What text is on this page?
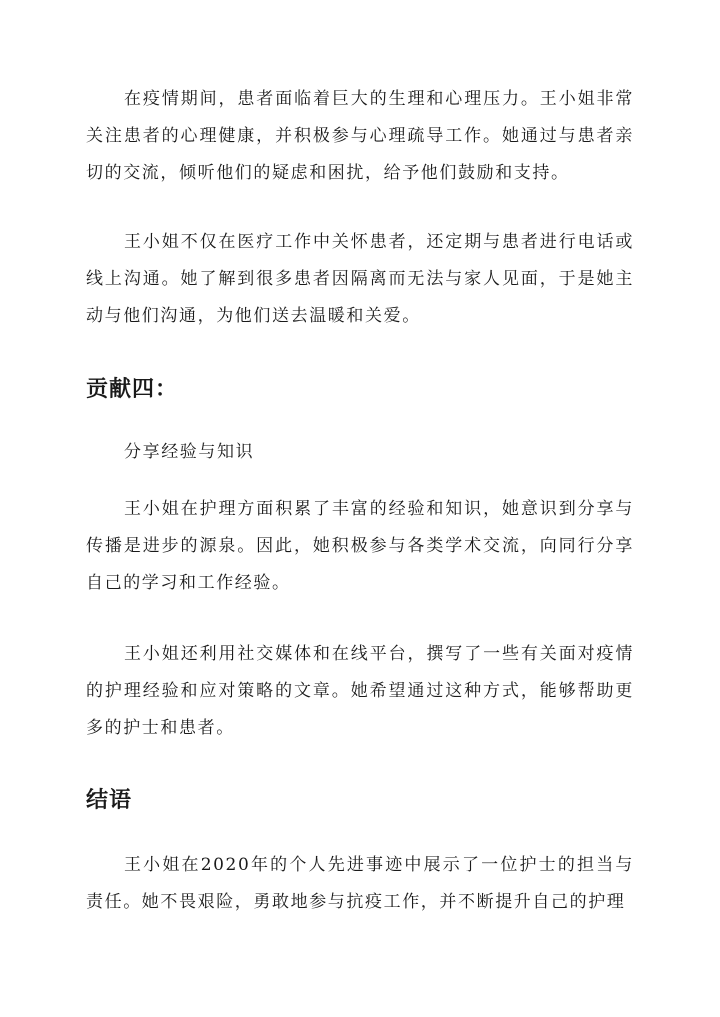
在疫情期间，患者面临着巨大的生理和心理压力。王小姐非常关注患者的心理健康，并积极参与心理疏导工作。她通过与患者亲切的交流，倾听他们的疑虑和困扰，给予他们鼓励和支持。

王小姐不仅在医疗工作中关怀患者，还定期与患者进行电话或线上沟通。她了解到很多患者因隔离而无法与家人见面，于是她主动与他们沟通，为他们送去温暖和关爱。

贡献四：

分享经验与知识

王小姐在护理方面积累了丰富的经验和知识，她意识到分享与传播是进步的源泉。因此，她积极参与各类学术交流，向同行分享自己的学习和工作经验。

王小姐还利用社交媒体和在线平台，撰写了一些有关面对疫情的护理经验和应对策略的文章。她希望通过这种方式，能够帮助更多的护士和患者。

结语

王小姐在2020年的个人先进事迹中展示了一位护士的担当与责任。她不畏艰险，勇敢地参与抗疫工作，并不断提升自己的护理
